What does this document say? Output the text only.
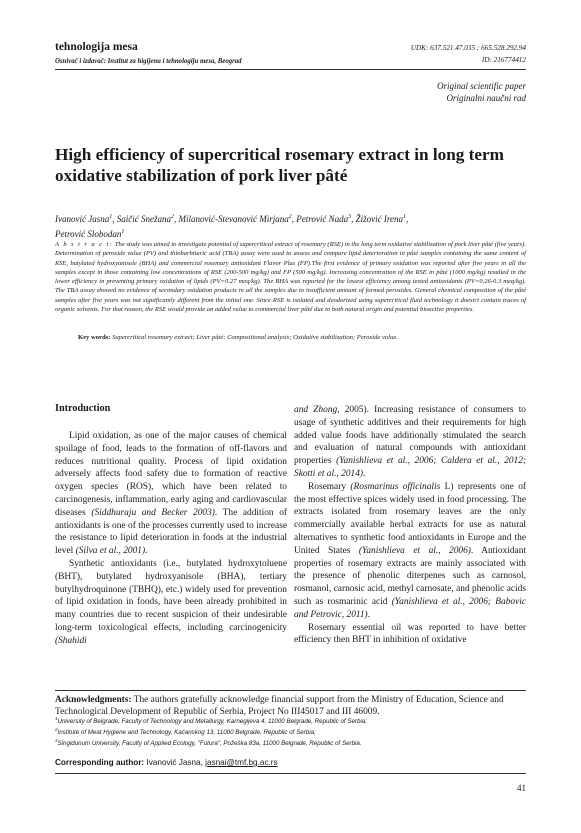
tehnologija mesa
Osnivač i izdavač: Institut za higijenu i tehnologiju mesa, Beograd
UDK: 637.521.47.035 ; 665.528.292.94
ID: 216774412
Original scientific paper
Originalni naučni rad
High efficiency of supercritical rosemary extract in long term oxidative stabilization of pork liver pâté
Ivanović Jasna$^1$, Saičić Snežana$^2$, Milanović-Stevanović Mirjana$^2$, Petrović Nada$^3$, Žižović Irena$^1$,
Petrović Slobodan$^1$
A b s t r a c t: The study was aimed to investigate potential of supercritical extract of rosemary (RSE) in the long term oxidative stabilization of pork liver pâté (five years). Determination of peroxide value (PV) and thiobarbituric acid (TBA) assay were used to assess and compare lipid deterioration in pâté samples containing the same content of RSE, butylated hydroxyanisole (BHA) and commercial rosemary antioxidant Flavor Plus (FP).The first evidence of primary oxidation was reported after five years in all the samples except in those containing low concentrations of RSE (200-500 mg/kg) and FP (500 mg/kg). Increasing concentration of the RSE in pâté (1000 mg/kg) resulted in the lower efficiency in preventing primary oxidation of lipids (PV=0.27 meq/kg). The BHA was reported for the lowest efficiency among tested antioxidants (PV=0.26-0.3 meq/kg). The TBA assay showed no evidence of secondary oxidation products in all the samples due to insufficient amount of formed peroxides. General chemical composition of the pâté samples after five years was not significantly different from the initial one. Since RSE is isolated and deodorized using supercritical fluid technology it doesn't contain traces of organic solvents. For that reason, the RSE would provide an added value to commercial liver pâté due to both natural origin and potential bioactive properties.
Key words: Supercritical rosemary extract; Liver pâté; Compositional analysis; Oxidative stabilization; Peroxide value.
Introduction

Lipid oxidation, as one of the major causes of chemical spoilage of food, leads to the formation of off-flavors and reduces nutritional quality. Process of lipid oxidation adversely affects food safety due to formation of reactive oxygen species (ROS), which have been related to carcinogenesis, inflammation, early aging and cardiovascular diseases (Siddhuraju and Becker 2003). The addition of antioxidants is one of the processes currently used to increase the resistance to lipid deterioration in foods at the industrial level (Silva et al., 2001).

Synthetic antioxidants (i.e., butylated hydroxytoluene (BHT), butylated hydroxyanisole (BHA), tertiary butylhydroquinone (TBHQ), etc.) widely used for prevention of lipid oxidation in foods, have been already prohibited in many countries due to recent suspicion of their undesirable long-term toxicological effects, including carcinogenicity (Shahidi

and Zhong, 2005). Increasing resistance of consumers to usage of synthetic additives and their requirements for high added value foods have additionally stimulated the search and evaluation of natural compounds with antioxidant properties (Yanishlieva et al., 2006; Caldera et al., 2012; Skotti et al., 2014).

Rosemary (Rosmarinus officinalis L) represents one of the most effective spices widely used in food processing. The extracts isolated from rosemary leaves are the only commercially available herbal extracts for use as natural alternatives to synthetic food antioxidants in Europe and the United States (Yanishlieva et al., 2006). Antioxidant properties of rosemary extracts are mainly associated with the presence of phenolic diterpenes such as carnosol, rosmanol, carnosic acid, methyl carnosate, and phenolic acids such as rosmarinic acid (Yanishlieva et al., 2006; Babovic and Petrovic, 2011).

Rosemary essential oil was reported to have better efficiency then BHT in inhibition of oxidative

Acknowledgments: The authors gratefully acknowledge financial support from the Ministry of Education, Science and Technological Development of Republic of Serbia, Project No III45017 and III 46009.
$^1$University of Belgrade, Faculty of Technology and Metallurgy, Karnegijeva 4, 11000 Belgrade, Republic of Serbia;
$^2$Institute of Meat Hygiene and Technology, Kaćanskog 13, 11000 Belgrade, Republic of Serbia;
$^3$Singidunum University, Faculty of Applied Ecology, "Futura", Požeška 83a, 11000 Belgrade, Republic of Serbia.
Corresponding author: Ivanović Jasna, jasnai@tmf.bg.ac.rs
41
